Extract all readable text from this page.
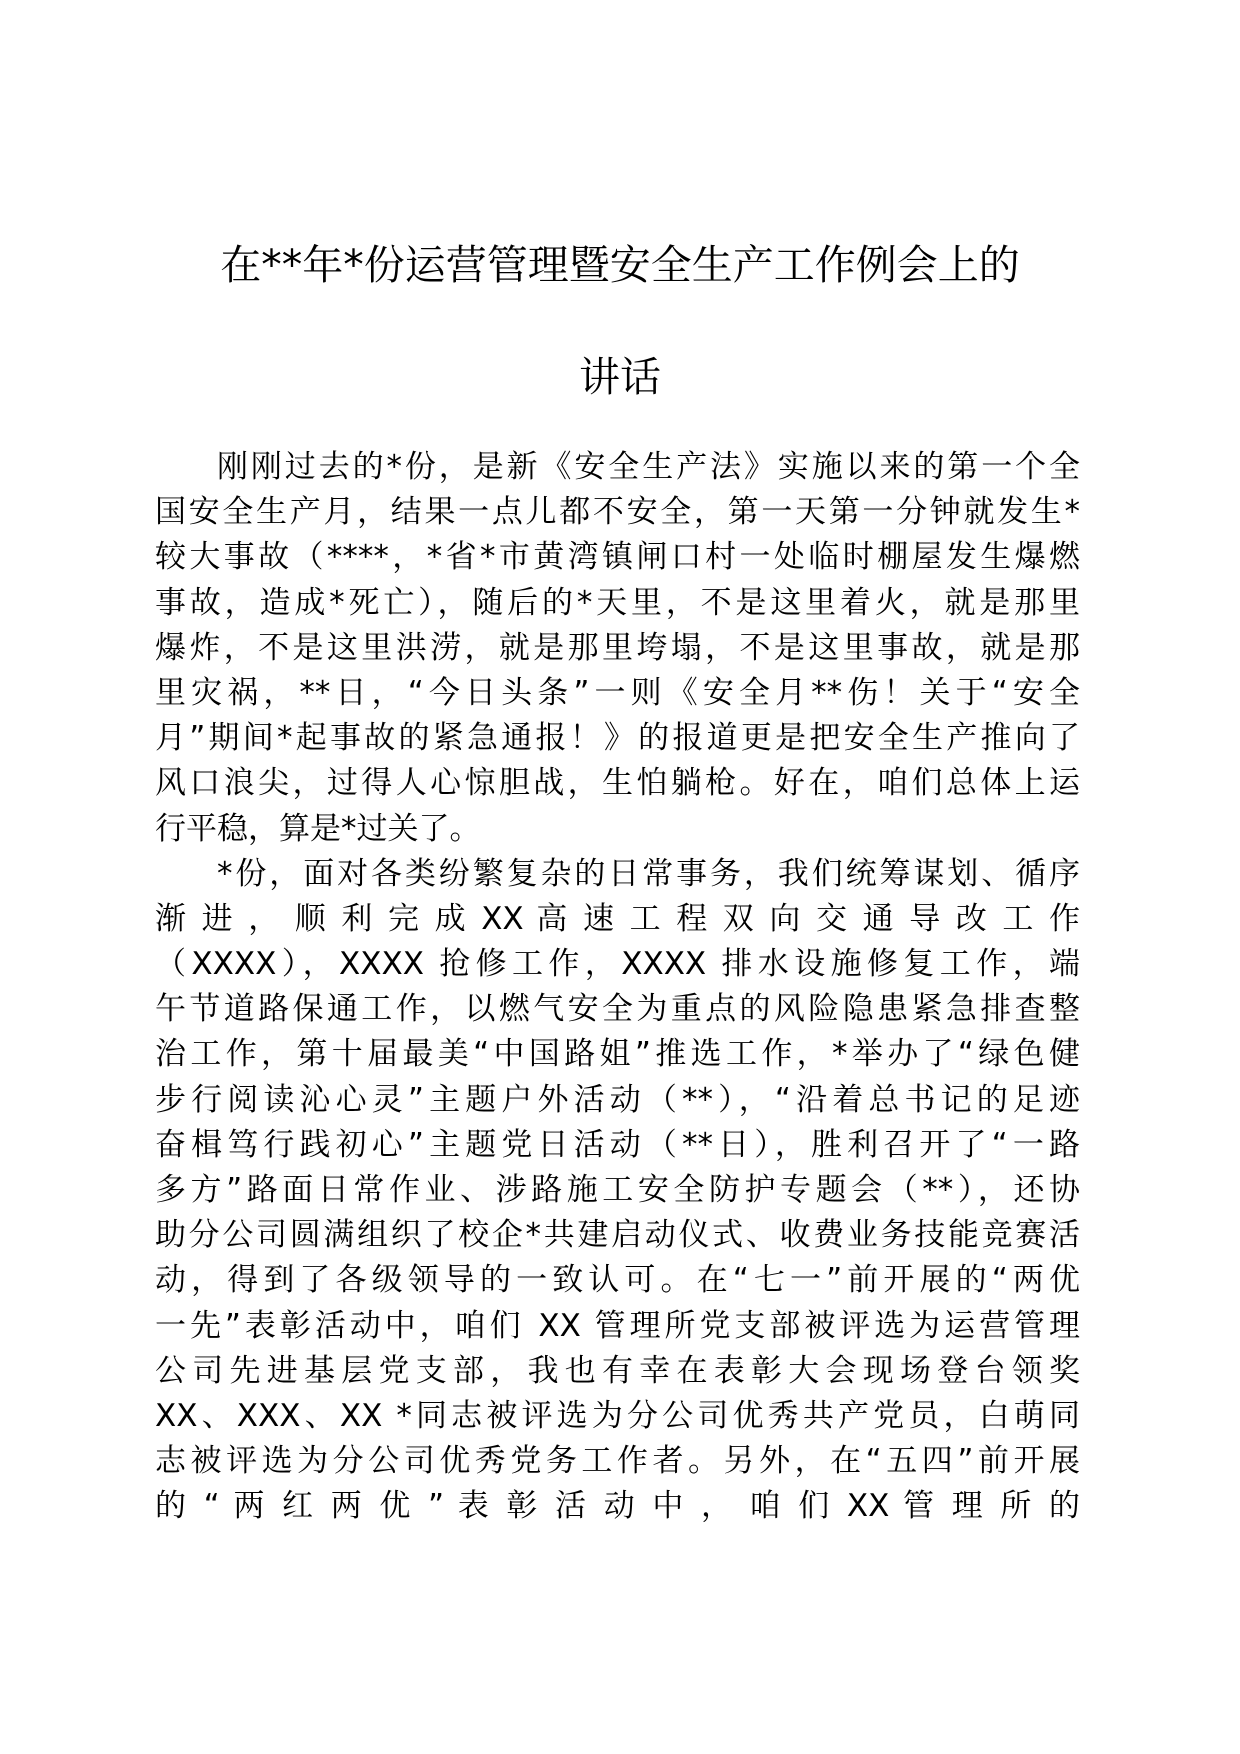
在**年*份运营管理暨安全生产工作例会上的
讲话
刚刚过去的*份，是新《安全生产法》实施以来的第一个全
国安全生产月，结果一点儿都不安全，第一天第一分钟就发生*
较大事故（****，*省*市黄湾镇闸口村一处临时棚屋发生爆燃
事故，造成*死亡），随后的*天里，不是这里着火，就是那里
爆炸，不是这里洪涝，就是那里垮塌，不是这里事故，就是那
里灾祸，**日，“今日头条”一则《安全月**伤！关于“安全
月”期间*起事故的紧急通报！》的报道更是把安全生产推向了
风口浪尖，过得人心惊胆战，生怕躺枪。好在，咱们总体上运
行平稳，算是*过关了。
*份，面对各类纷繁复杂的日常事务，我们统筹谋划、循序
渐 进 ， 顺 利 完 成 XX 高 速 工 程 双 向 交 通 导 改 工 作
（XXXX），XXXX 抢修工作，XXXX 排水设施修复工作，端
午节道路保通工作，以燃气安全为重点的风险隐患紧急排查整
治工作，第十届最美“中国路姐”推选工作，*举办了“绿色健
步行阅读沁心灵”主题户外活动（**），“沿着总书记的足迹
奋楫笃行践初心”主题党日活动（**日），胜利召开了“一路
多方”路面日常作业、涉路施工安全防护专题会（**），还协
助分公司圆满组织了校企*共建启动仪式、收费业务技能竞赛活
动，得到了各级领导的一致认可。在“七一”前开展的“两优
一先”表彰活动中，咱们 XX 管理所党支部被评选为运营管理
公司先进基层党支部，我也有幸在表彰大会现场登台领奖
XX、XXX、XX *同志被评选为分公司优秀共产党员，白萌同
志被评选为分公司优秀党务工作者。另外，在“五四”前开展
的 “ 两 红 两 优 ” 表 彰 活 动 中 ， 咱 们 XX 管 理 所 的
